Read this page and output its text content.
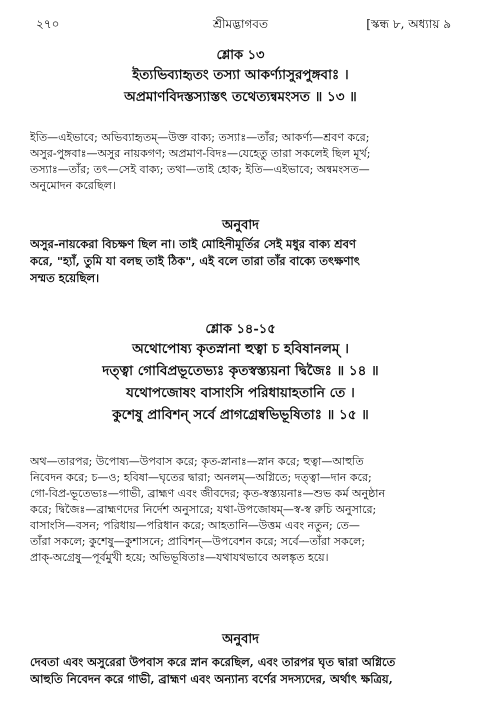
২৭০	শ্রীমদ্ভাগবত	[স্কন্ধ ৮, অধ্যায় ৯
শ্লোক ১৩
ইত্যভিব্যাহৃতং তস্যা আকর্ণ্যাসুরপুঙ্গবাঃ ।
অপ্রমাণবিদস্তস্যাস্তৎ তথেত্যন্বমংসত ॥ ১৩ ॥
ইতি—এইভাবে; অভিব্যাহৃতম্—উক্ত বাক্য; তস্যাঃ—তাঁর; আকর্ণ্য—শ্রবণ করে;
অসুর-পুঙ্গবাঃ—অসুর নায়কগণ; অপ্রমাণ-বিদঃ—যেহেতু তারা সকলেই ছিল মূর্খ;
তস্যাঃ—তাঁর; তৎ—সেই বাক্য; তথা—তাই হোক; ইতি—এইভাবে; অন্বমংসত—
অনুমোদন করেছিল।
অনুবাদ
অসুর-নায়কেরা বিচক্ষণ ছিল না। তাই মোহিনীমূর্তির সেই মধুর বাক্য শ্রবণ
করে, "হ্যাঁ, তুমি যা বলছ তাই ঠিক", এই বলে তারা তাঁর বাক্যে তৎক্ষণাৎ
সম্মত হয়েছিল।
শ্লোক ১৪-১৫
অথোপোষ্য কৃতস্নানা হুত্বা চ হবিষানলম্ ।
দত্ত্বা গোবিপ্রভূতেভ্যঃ কৃতস্বস্ত্যয়না দ্বিজৈঃ ॥ ১৪ ॥
যথোপজোষং বাসাংসি পরিধায়াহতানি তে ।
কুশেষু প্রাবিশন্ সর্বে প্রাগগ্রেষ্বভিভূষিতাঃ ॥ ১৫ ॥
অথ—তারপর; উপোষ্য—উপবাস করে; কৃত-স্নানাঃ—স্নান করে; হুত্বা—আহুতি
নিবেদন করে; চ—ও; হবিষা—ঘৃতের দ্বারা; অনলম্—অগ্নিতে; দত্ত্বা—দান করে;
গো-বিপ্র-ভূতেভ্যঃ—গাভী, ব্রাহ্মণ এবং জীবদের; কৃত-স্বস্ত্যয়নাঃ—শুভ কর্ম অনুষ্ঠান
করে; দ্বিজৈঃ—ব্রাহ্মণদের নির্দেশ অনুসারে; যথা-উপজোষম্—স্ব-স্ব রুচি অনুসারে;
বাসাংসি—বসন; পরিধায়—পরিধান করে; আহতানি—উত্তম এবং নতুন; তে—
তাঁরা সকলে; কুশেষু—কুশাসনে; প্রাবিশন্—উপবেশন করে; সর্বে—তাঁরা সকলে;
প্রাক্-অগ্রেষু—পূর্বমুখী হয়ে; অভিভূষিতাঃ—যথাযথভাবে অলঙ্কৃত হয়ে।
অনুবাদ
দেবতা এবং অসুরেরা উপবাস করে স্নান করেছিল, এবং তারপর ঘৃত দ্বারা অগ্নিতে
আহুতি নিবেদন করে গাভী, ব্রাহ্মণ এবং অন্যান্য বর্ণের সদস্যদের, অর্থাৎ ক্ষত্রিয়,
